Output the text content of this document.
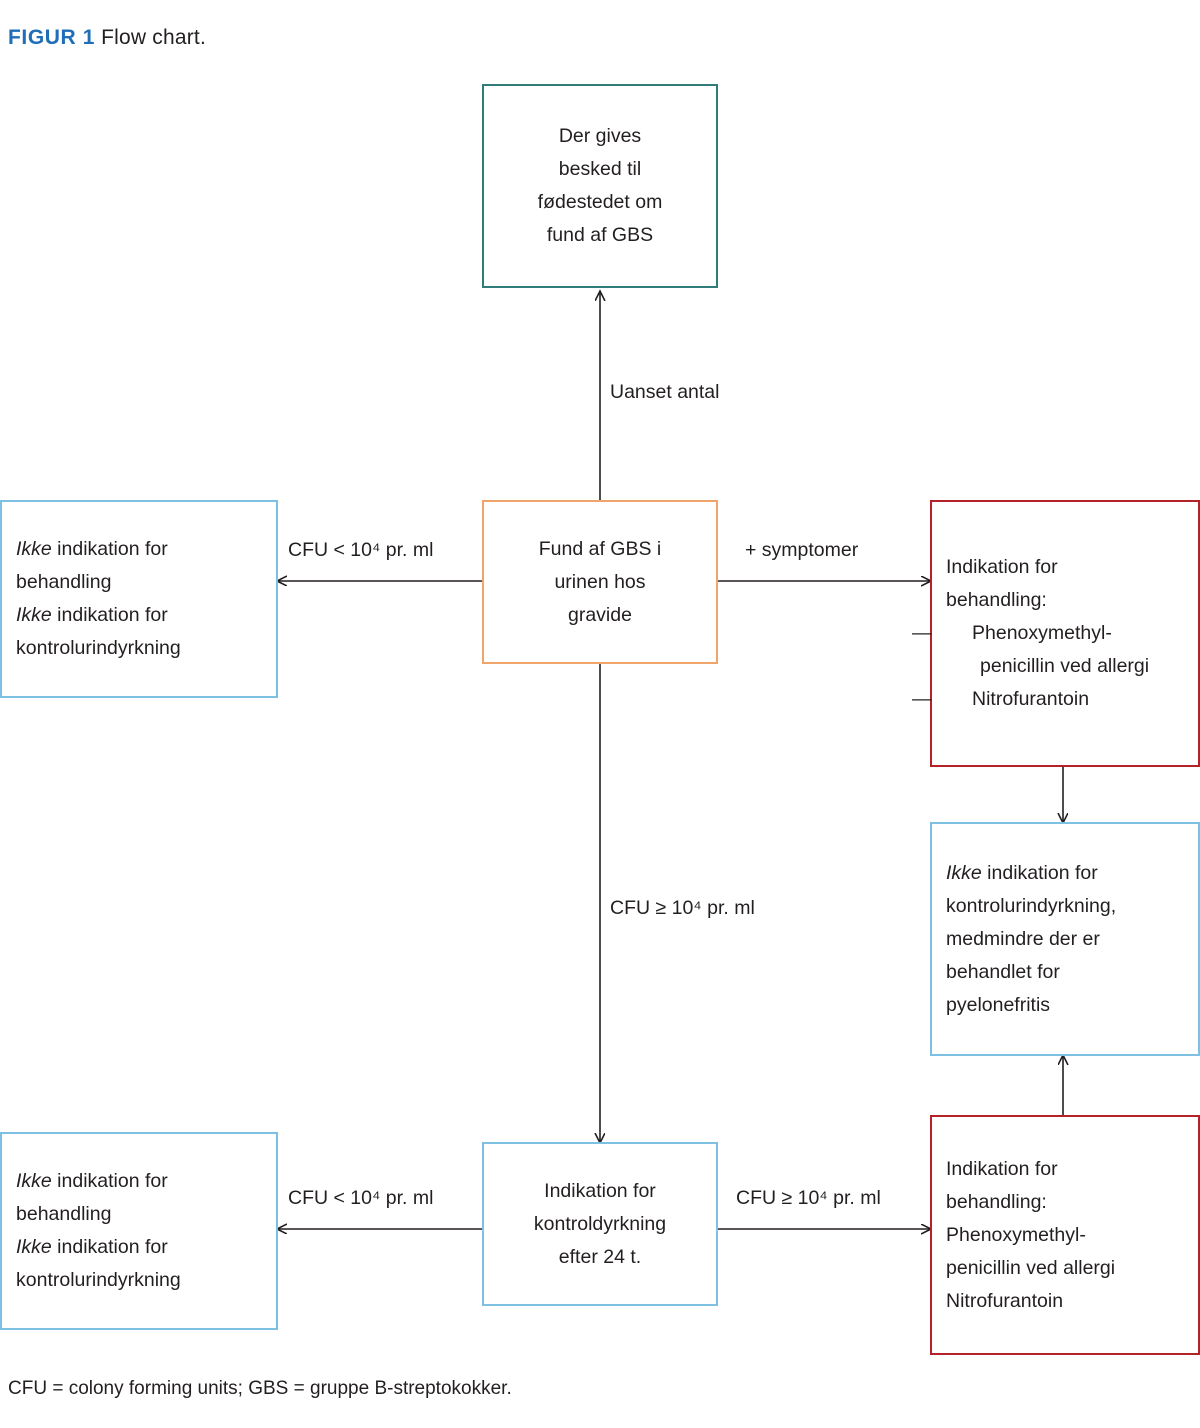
FIGUR 1 Flow chart.
Der gives
besked til
fødestedet om
fund af GBS
Fund af GBS i
urinen hos
gravide
Ikke indikation for
behandling
Ikke indikation for
kontrolurindyrkning
Indikation for
behandling:
— Phenoxymethyl-penicillin ved allergi
— Nitrofurantoin
Ikke indikation for
kontrolurindyrkning,
medmindre der er
behandlet for
pyelonefritis
Indikation for
kontroldyrkning
efter 24 t.
Ikke indikation for
behandling
Ikke indikation for
kontrolurindyrkning
Indikation for
behandling:
Phenoxymethyl-
penicillin ved allergi
Nitrofurantoin
Uanset antal
CFU < 10⁴ pr. ml	+ symptomer
CFU ≥ 10⁴ pr. ml
CFU < 10⁴ pr. ml	CFU ≥ 10⁴ pr. ml
CFU = colony forming units; GBS = gruppe B-streptokokker.
